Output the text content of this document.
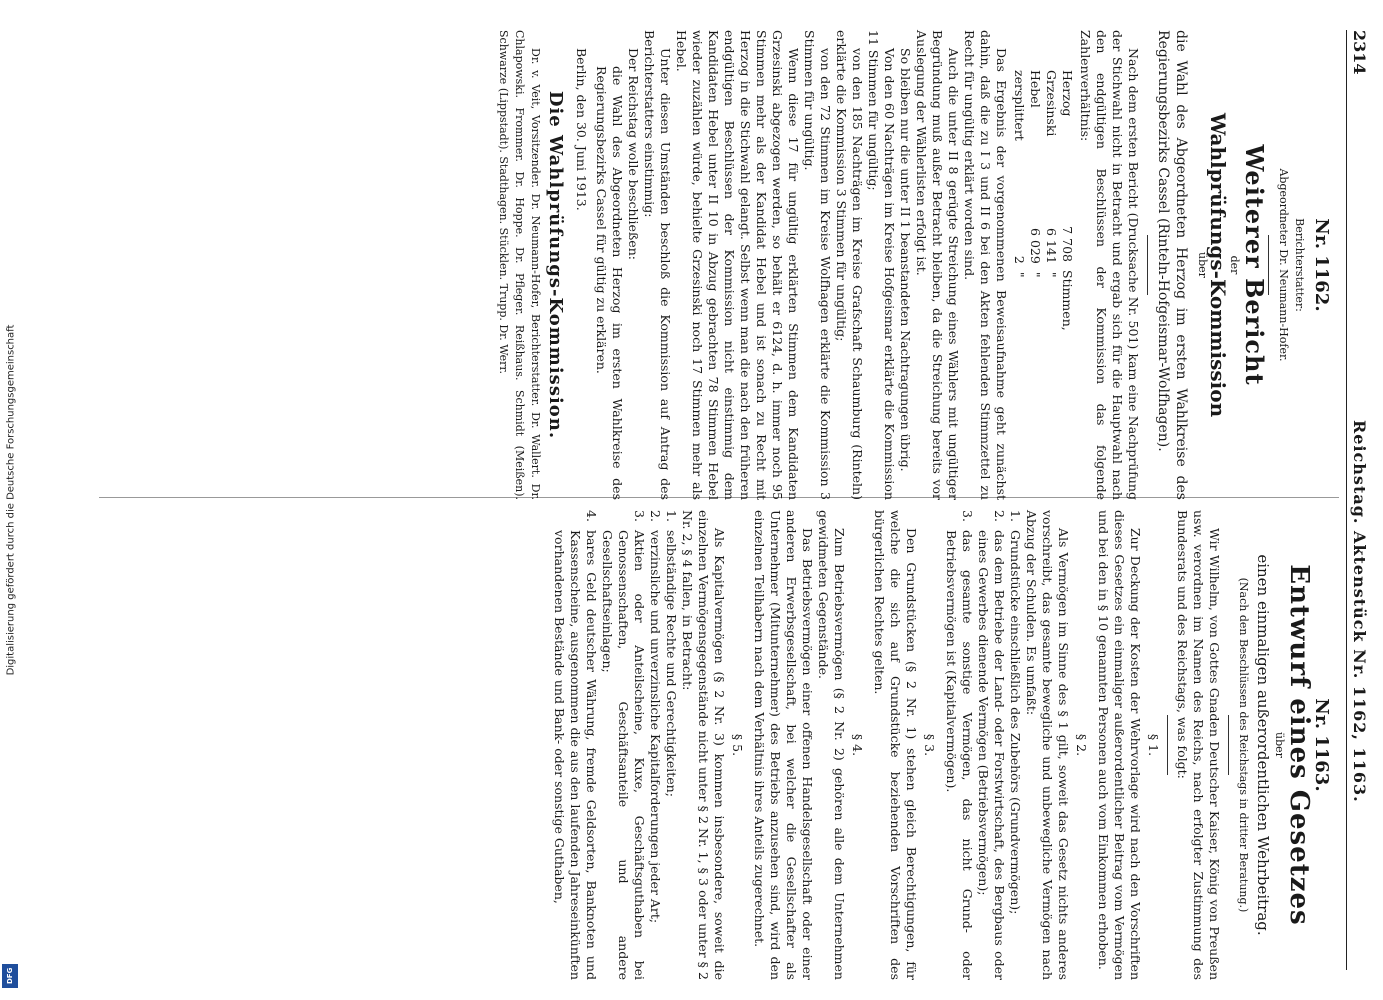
Digitalisierung gefördert durch die Deutsche Forschungsgemeinschaft
DFG
2314
Reichstag. Aktenstück Nr. 1162, 1163.
Nr. 1162.
Berichterstatter:
Abgeordneter Dr. Neumann-Hofer.
Weiterer Bericht
der
Wahlprüfungs-Kommission
über

die Wahl des Abgeordneten Herzog im ersten Wahlkreise des Regierungsbezirks Cassel (Rinteln-Hofgeismar-Wolfhagen).

Nach dem ersten Bericht (Drucksache Nr. 501) kam eine Nachprüfung der Stichwahl nicht in Betracht und ergab sich für die Hauptwahl nach den endgültigen Beschlüssen der Kommission das folgende Zahlenverhältnis:

Herzog
7 708
Stimmen,
Grzesinski
6 141
"
Hebel
6 029
"
zersplittert
2
"

Das Ergebnis der vorgenommenen Beweisaufnahme geht zunächst dahin, daß die zu I 3 und II 6 bei den Akten fehlenden Stimmzettel zu Recht für ungültig erklärt worden sind.

Auch die unter II 8 gerügte Streichung eines Wählers mit ungültiger Begründung muß außer Betracht bleiben, da die Streichung bereits vor Auslegung der Wählerlisten erfolgt ist.

So bleiben nur die unter II 1 beanstandeten Nachtragungen übrig.

Von den 60 Nachträgen im Kreise Hofgeismar erklärte die Kommission 11 Stimmen für ungültig;

von den 185 Nachträgen im Kreise Grafschaft Schaumburg (Rinteln) erklärte die Kommission 3 Stimmen für ungültig;

von den 72 Stimmen im Kreise Wolfhagen erklärte die Kommission 3 Stimmen für ungültig.

Wenn diese 17 für ungültig erklärten Stimmen dem Kandidaten Grzesinski abgezogen werden, so behält er 6124, d. h. immer noch 95 Stimmen mehr als der Kandidat Hebel und ist sonach zu Recht mit Herzog in die Stichwahl gelangt. Selbst wenn man die nach den früheren endgültigen Beschlüssen der Kommission nicht einstimmig dem Kandidaten Hebel unter II 10 in Abzug gebrachten 78 Stimmen Hebel wieder zuzählen würde, behielte Grzesinski noch 17 Stimmen mehr als Hebel.

Unter diesen Umständen beschloß die Kommission auf Antrag des Berichterstatters einstimmig:

Der Reichstag wolle beschließen:

die Wahl des Abgeordneten Herzog im ersten Wahlkreise des Regierungsbezirks Cassel für gültig zu erklären.

Berlin, den 30. Juni 1913.

Die Wahlprüfungs-Kommission.

Dr. v. Veit, Vorsitzender. Dr. Neumann-Hofer, Berichterstatter. Dr. Wallert. Dr. Chlapowski. Frommer. Dr. Hoppe. Dr. Pfleger. Reißhaus. Schmidt (Meißen). Schwarze (Lippstadt). Stadthagen. Stücklen. Trupp. Dr. Werr.

Nr. 1163.
Entwurf eines Gesetzes
über
einen einmaligen außerordentlichen Wehrbeitrag.
(Nach den Beschlüssen des Reichstags in dritter Beratung.)

Wir Wilhelm, von Gottes Gnaden Deutscher Kaiser, König von Preußen usw. verordnen im Namen des Reichs, nach erfolgter Zustimmung des Bundesrats und des Reichstags, was folgt:

§ 1.

Zur Deckung der Kosten der Wehrvorlage wird nach den Vorschriften dieses Gesetzes ein einmaliger außerordentlicher Beitrag vom Vermögen und bei den in § 10 genannten Personen auch vom Einkommen erhoben.

§ 2.

Als Vermögen im Sinne des § 1 gilt, soweit das Gesetz nichts anderes vorschreibt, das gesamte bewegliche und unbewegliche Vermögen nach Abzug der Schulden. Es umfaßt:

1.
Grundstücke einschließlich des Zubehörs (Grundvermögen);
2.
das dem Betriebe der Land- oder Forstwirtschaft, des Bergbaus oder eines Gewerbes dienende Vermögen (Betriebsvermögen);
3.
das gesamte sonstige Vermögen, das nicht Grund- oder Betriebsvermögen ist (Kapitalvermögen).
§ 3.

Den Grundstücken (§ 2 Nr. 1) stehen gleich Berechtigungen, für welche die sich auf Grundstücke beziehenden Vorschriften des bürgerlichen Rechtes gelten.

§ 4.

Zum Betriebsvermögen (§ 2 Nr. 2) gehören alle dem Unternehmen gewidmeten Gegenstände.

Das Betriebsvermögen einer offenen Handelsgesellschaft oder einer anderen Erwerbsgesellschaft, bei welcher die Gesellschafter als Unternehmer (Mitunternehmer) des Betriebs anzusehen sind, wird den einzelnen Teilhabern nach dem Verhältnis ihres Anteils zugerechnet.

§ 5.

Als Kapitalvermögen (§ 2 Nr. 3) kommen insbesondere, soweit die einzelnen Vermögensgegenstände nicht unter § 2 Nr. 1, § 3 oder unter § 2 Nr. 2, § 4 fallen, in Betracht:

1.
selbständige Rechte und Gerechtigkeiten;
2.
verzinsliche und unverzinsliche Kapitalforderungen jeder Art;
3.
Aktien oder Anteilscheine, Kuxe, Geschäftsguthaben bei Genossenschaften, Geschäftsanteile und andere Gesellschaftseinlagen;
4.
bares Geld deutscher Währung, fremde Geldsorten, Banknoten und Kassenscheine, ausgenommen die aus den laufenden Jahreseinkünften vorhandenen Bestände und Bank- oder sonstige Guthaben,
